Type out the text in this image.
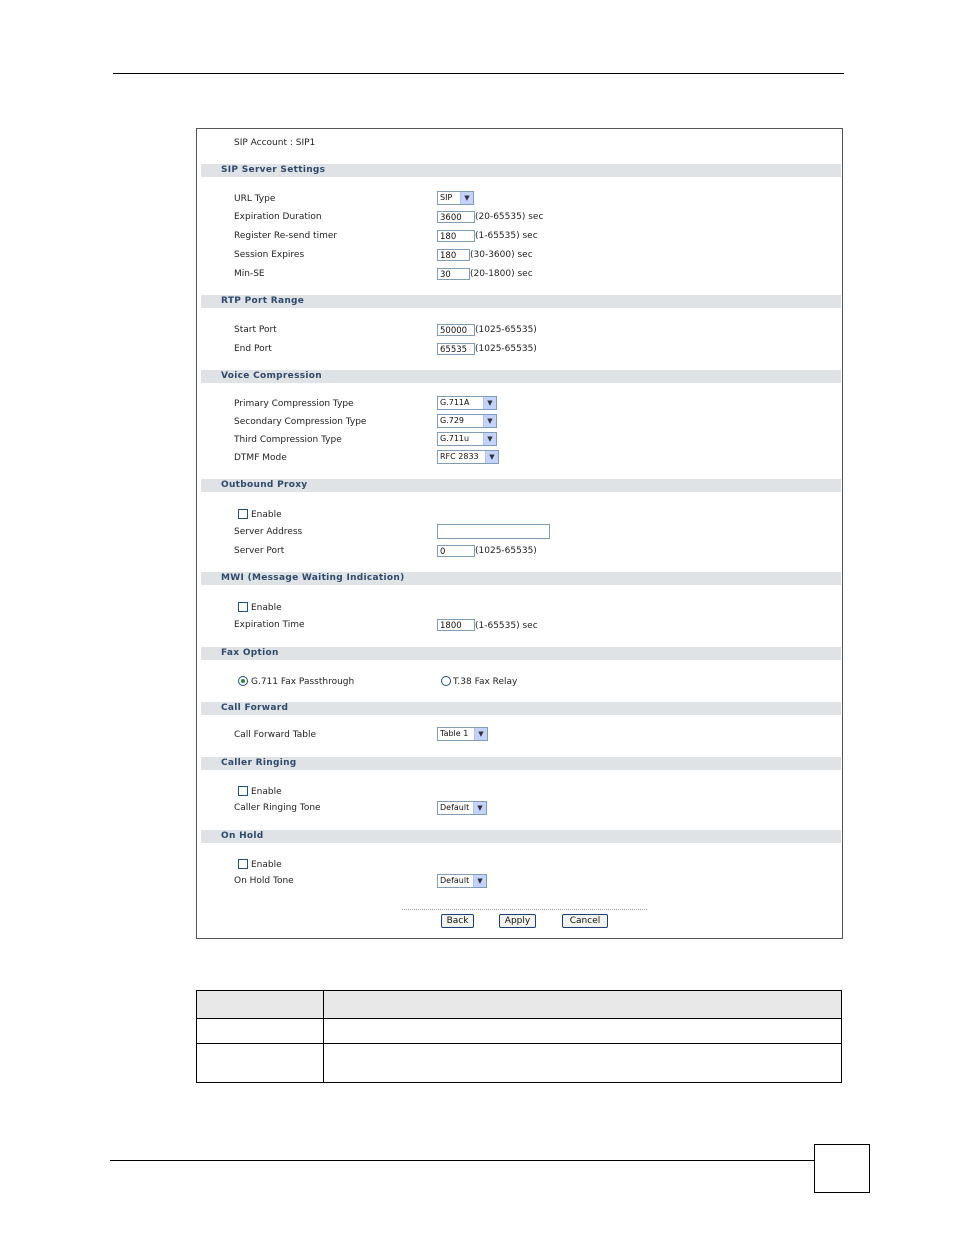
SIP Account : SIP1
SIP Server Settings
URL Type	SIP	▼
Expiration Duration	3600	(20-65535) sec
Register Re-send timer	180	(1-65535) sec
Session Expires	180	(30-3600) sec
Min-SE	30	(20-1800) sec
RTP Port Range
Start Port	50000 (1025-65535)
End Port	65535 (1025-65535)
Voice Compression
Primary Compression Type	G.711A	▼
Secondary Compression Type	G.729	▼
Third Compression Type	G.711u	▼
DTMF Mode	RFC 2833	▼
Outbound Proxy
Enable
Server Address
Server Port	0	(1025-65535)
MWI (Message Waiting Indication)
Enable
Expiration Time	1800	(1-65535) sec
Fax Option
G.711 Fax Passthrough	T.38 Fax Relay
Call Forward
Call Forward Table	Table 1	▼
Caller Ringing
Enable
Caller Ringing Tone	Default	▼
On Hold
Enable
On Hold Tone	Default	▼
Back	Apply	Cancel
